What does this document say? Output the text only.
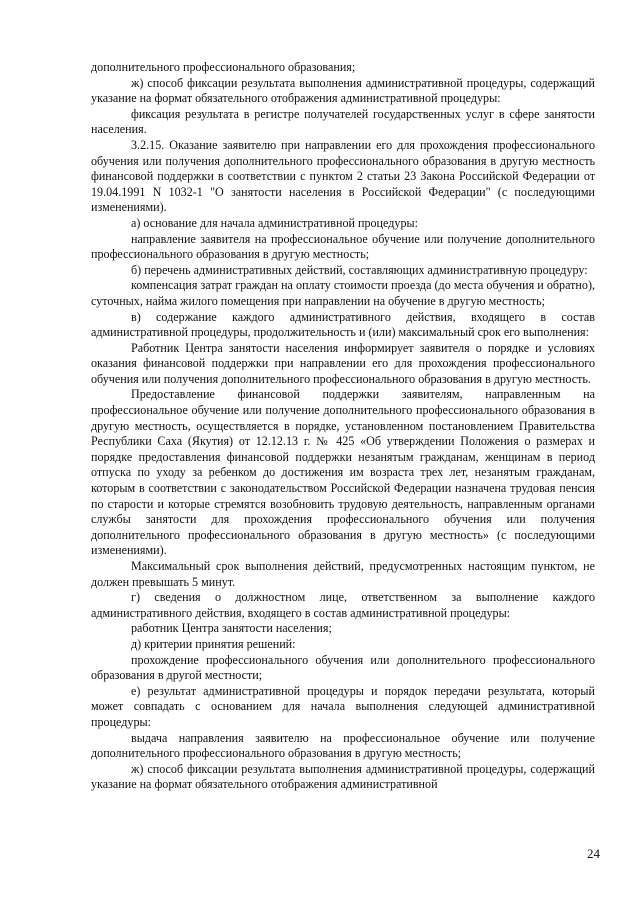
дополнительного профессионального образования;

ж) способ фиксации результата выполнения административной процедуры, содержащий указание на формат обязательного отображения административной процедуры:

фиксация результата в регистре получателей государственных услуг в сфере занятости населения.

3.2.15. Оказание заявителю при направлении его для прохождения профессионального обучения или получения дополнительного профессионального образования в другую местность финансовой поддержки в соответствии с пунктом 2 статьи 23 Закона Российской Федерации от 19.04.1991 N 1032-1 "О занятости населения в Российской Федерации" (с последующими изменениями).

а) основание для начала административной процедуры:

направление заявителя на профессиональное обучение или получение дополнительного профессионального образования в другую местность;

б) перечень административных действий, составляющих административную процедуру:

компенсация затрат граждан на оплату стоимости проезда (до места обучения и обратно), суточных, найма жилого помещения при направлении на обучение в другую местность;

в) содержание каждого административного действия, входящего в состав административной процедуры, продолжительность и (или) максимальный срок его выполнения:

Работник Центра занятости населения информирует заявителя о порядке и условиях оказания финансовой поддержки при направлении его для прохождения профессионального обучения или получения дополнительного профессионального образования в другую местность.

Предоставление финансовой поддержки заявителям, направленным на профессиональное обучение или получение дополнительного профессионального образования в другую местность, осуществляется в порядке, установленном постановлением Правительства Республики Саха (Якутия) от 12.12.13 г. № 425 «Об утверждении Положения о размерах и порядке предоставления финансовой поддержки незанятым гражданам, женщинам в период отпуска по уходу за ребенком до достижения им возраста трех лет, незанятым гражданам, которым в соответствии с законодательством Российской Федерации назначена трудовая пенсия по старости и которые стремятся возобновить трудовую деятельность, направленным органами службы занятости для прохождения профессионального обучения или получения дополнительного профессионального образования в другую местность» (с последующими изменениями).

Максимальный срок выполнения действий, предусмотренных настоящим пунктом, не должен превышать 5 минут.

г) сведения о должностном лице, ответственном за выполнение каждого административного действия, входящего в состав административной процедуры:

работник Центра занятости населения;

д) критерии принятия решений:

прохождение профессионального обучения или дополнительного профессионального образования в другой местности;

е) результат административной процедуры и порядок передачи результата, который может совпадать с основанием для начала выполнения следующей административной процедуры:

выдача направления заявителю на профессиональное обучение или получение дополнительного профессионального образования в другую местность;

ж) способ фиксации результата выполнения административной процедуры, содержащий указание на формат обязательного отображения административной

24
